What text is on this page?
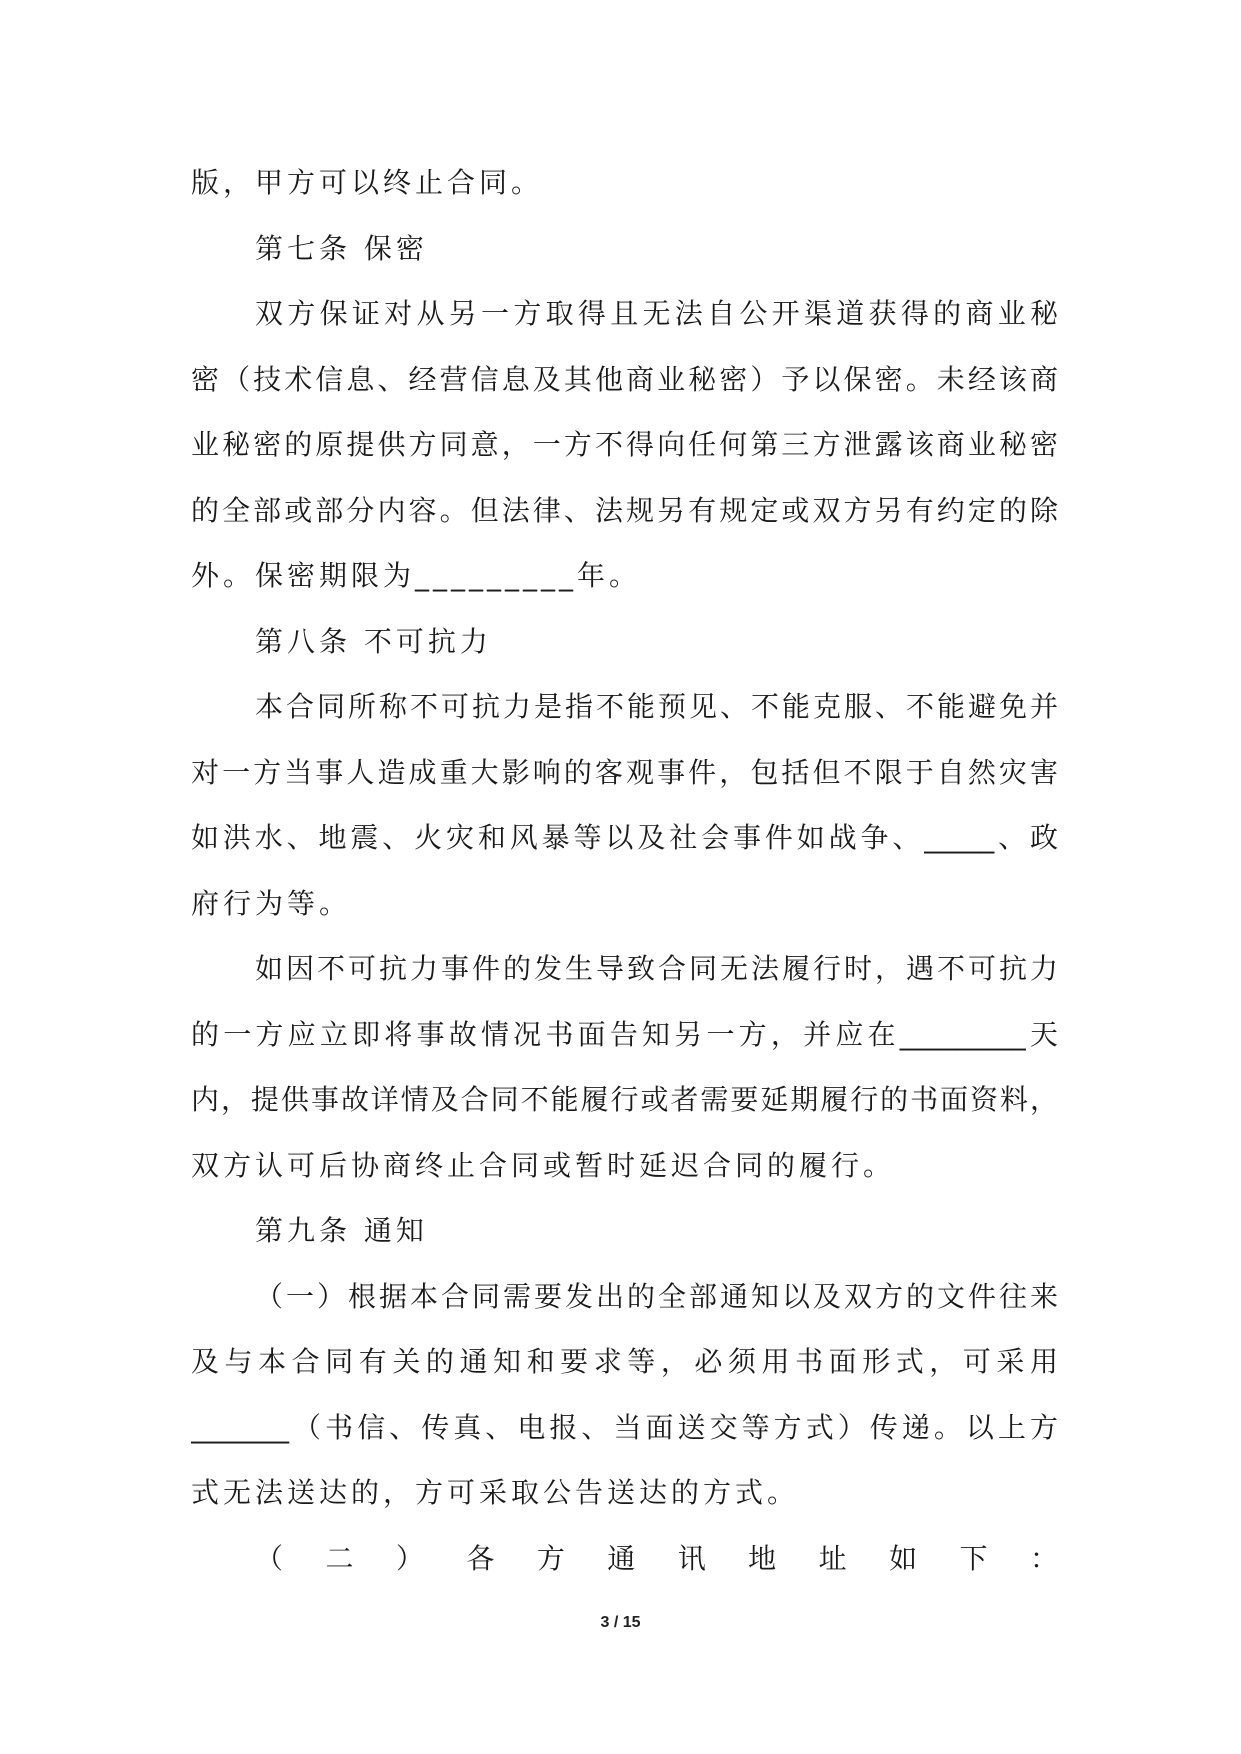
版，甲方可以终止合同。
第七条 保密
双方保证对从另一方取得且无法自公开渠道获得的商业秘
密（技术信息、经营信息及其他商业秘密）予以保密。未经该商
业秘密的原提供方同意，一方不得向任何第三方泄露该商业秘密
的全部或部分内容。但法律、法规另有规定或双方另有约定的除
外。保密期限为_________年。
第八条 不可抗力
本合同所称不可抗力是指不能预见、不能克服、不能避免并
对一方当事人造成重大影响的客观事件，包括但不限于自然灾害
如洪水、地震、火灾和风暴等以及社会事件如战争、_____、政
府行为等。
如因不可抗力事件的发生导致合同无法履行时，遇不可抗力
的一方应立即将事故情况书面告知另一方，并应在_________天
内，提供事故详情及合同不能履行或者需要延期履行的书面资料，
双方认可后协商终止合同或暂时延迟合同的履行。
第九条 通知
（一）根据本合同需要发出的全部通知以及双方的文件往来
及与本合同有关的通知和要求等，必须用书面形式，可采用
_______（书信、传真、电报、当面送交等方式）传递。以上方
式无法送达的，方可采取公告送达的方式。
（二）各方通讯地址如下：
3 / 15
